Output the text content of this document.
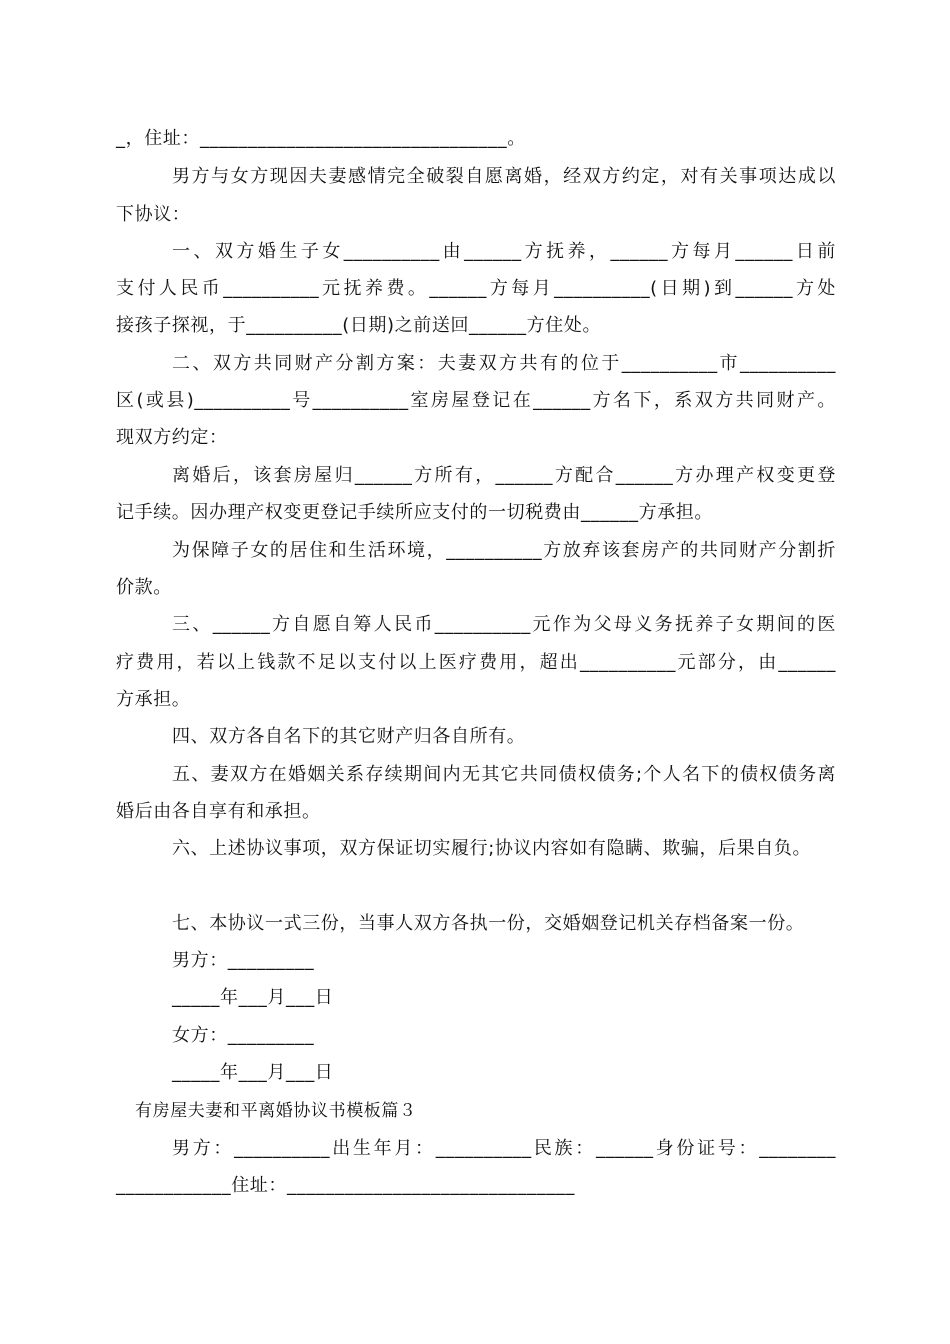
_，住址：________________________________。
男方与女方现因夫妻感情完全破裂自愿离婚，经双方约定，对有关事项达成以
下协议：
一、双方婚生子女__________由______方抚养，______方每月______日前
支付人民币__________元抚养费。______方每月__________(日期)到______方处
接孩子探视，于__________(日期)之前送回______方住处。
二、双方共同财产分割方案：夫妻双方共有的位于__________市__________
区(或县)__________号__________室房屋登记在______方名下，系双方共同财产。
现双方约定：
离婚后，该套房屋归______方所有，______方配合______方办理产权变更登
记手续。因办理产权变更登记手续所应支付的一切税费由______方承担。
为保障子女的居住和生活环境，__________方放弃该套房产的共同财产分割折
价款。
三、______方自愿自筹人民币__________元作为父母义务抚养子女期间的医
疗费用，若以上钱款不足以支付以上医疗费用，超出__________元部分，由______
方承担。
四、双方各自名下的其它财产归各自所有。
五、妻双方在婚姻关系存续期间内无其它共同债权债务;个人名下的债权债务离
婚后由各自享有和承担。
六、上述协议事项，双方保证切实履行;协议内容如有隐瞒、欺骗，后果自负。
七、本协议一式三份，当事人双方各执一份，交婚姻登记机关存档备案一份。
男方：_________
_____年___月___日
女方：_________
_____年___月___日
有房屋夫妻和平离婚协议书模板篇３
男方：__________出生年月：__________民族：______身份证号：________
____________住址：______________________________
